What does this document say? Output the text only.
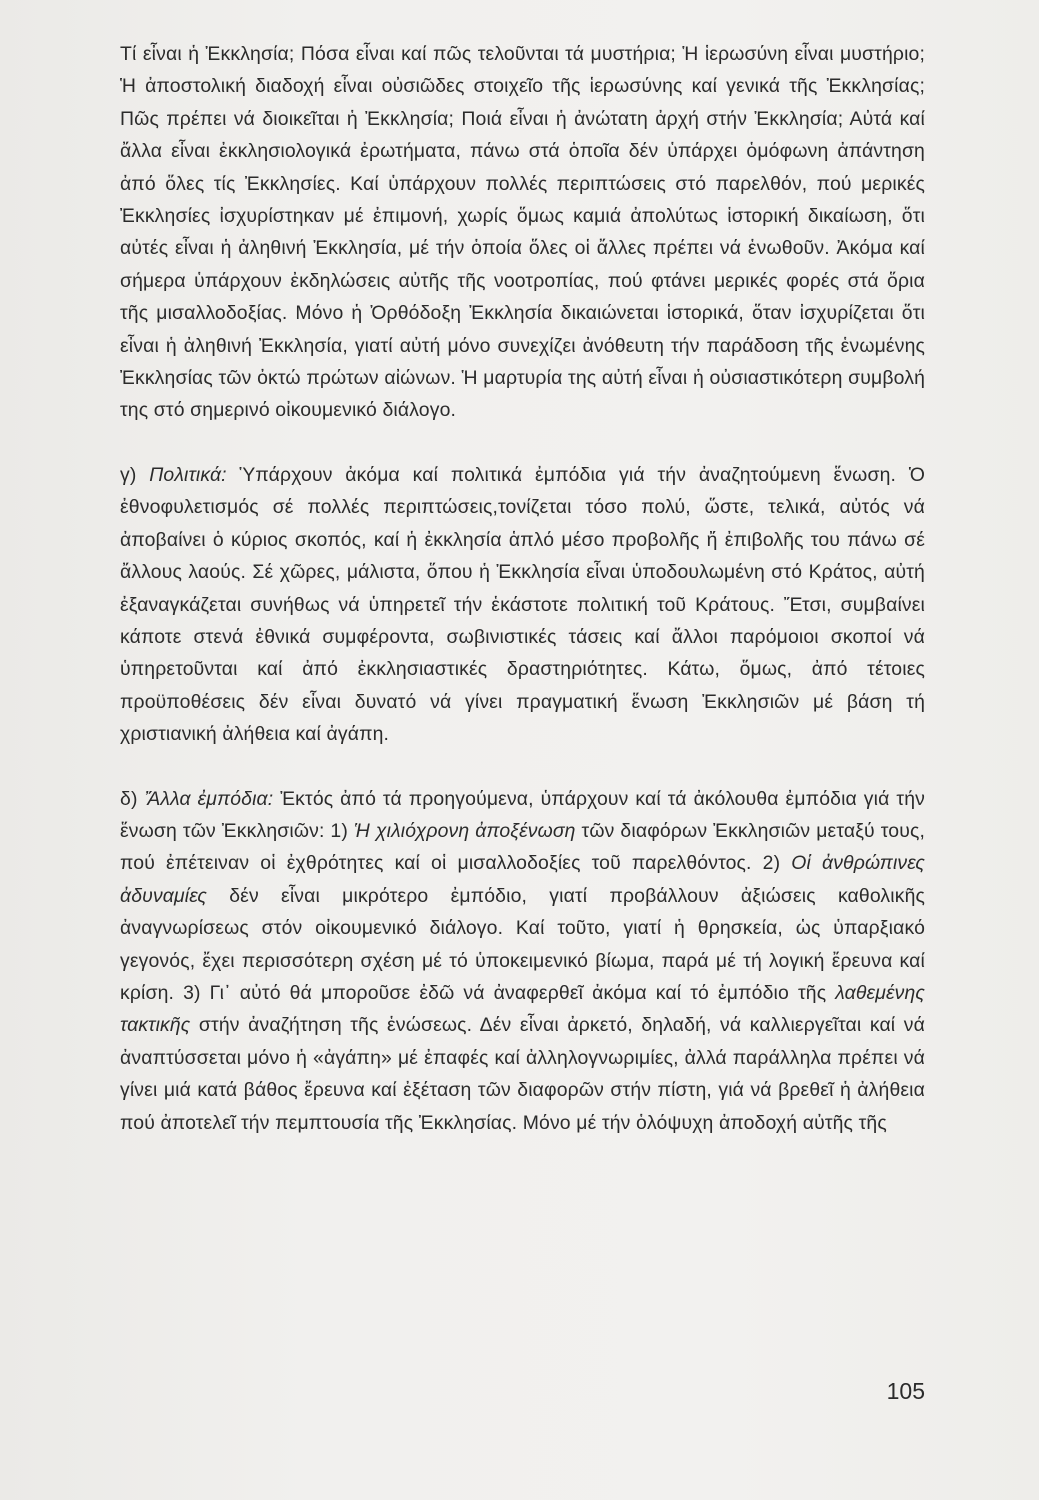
Τί εἶναι ἡ Ἐκκλησία; Πόσα εἶναι καί πῶς τελοῦνται τά μυστήρια; Ἡ ἱερωσύνη εἶναι μυστήριο; Ἡ ἀποστολική διαδοχή εἶναι οὐσιῶδες στοιχεῖο τῆς ἱερωσύνης καί γενικά τῆς Ἐκκλησίας; Πῶς πρέπει νά διοικεῖται ἡ Ἐκκλησία; Ποιά εἶναι ἡ ἀνώτατη ἀρχή στήν Ἐκκλησία; Αὐτά καί ἄλλα εἶναι ἐκκλησιολογικά ἐρωτήματα, πάνω στά ὁποῖα δέν ὑπάρχει ὁμόφωνη ἀπάντηση ἀπό ὅλες τίς Ἐκκλησίες. Καί ὑπάρχουν πολλές περιπτώσεις στό παρελθόν, πού μερικές Ἐκκλησίες ἰσχυρίστηκαν μέ ἐπιμονή, χωρίς ὅμως καμιά ἀπολύτως ἱστορική δικαίωση, ὅτι αὐτές εἶναι ἡ ἀληθινή Ἐκκλησία, μέ τήν ὁποία ὅλες οἱ ἄλλες πρέπει νά ἑνωθοῦν. Ἀκόμα καί σήμερα ὑπάρχουν ἐκδηλώσεις αὐτῆς τῆς νοοτροπίας, πού φτάνει μερικές φορές στά ὅρια τῆς μισαλλοδοξίας. Μόνο ἡ Ὀρθόδοξη Ἐκκλησία δικαιώνεται ἱστορικά, ὅταν ἰσχυρίζεται ὅτι εἶναι ἡ ἀληθινή Ἐκκλησία, γιατί αὐτή μόνο συνεχίζει ἀνόθευτη τήν παράδοση τῆς ἑνωμένης Ἐκκλησίας τῶν ὀκτώ πρώτων αἰώνων. Ἡ μαρτυρία της αὐτή εἶναι ἡ οὐσιαστικότερη συμβολή της στό σημερινό οἰκουμενικό διάλογο.

γ) Πολιτικά: Ὑπάρχουν ἀκόμα καί πολιτικά ἐμπόδια γιά τήν ἀναζητούμενη ἕνωση. Ὁ ἐθνοφυλετισμός σέ πολλές περιπτώσεις,τονίζεται τόσο πολύ, ὥστε, τελικά, αὐτός νά ἀποβαίνει ὁ κύριος σκοπός, καί ἡ ἐκκλησία ἁπλό μέσο προβολῆς ἤ ἐπιβολῆς του πάνω σέ ἄλλους λαούς. Σέ χῶρες, μάλιστα, ὅπου ἡ Ἐκκλησία εἶναι ὑποδουλωμένη στό Κράτος, αὐτή ἐξαναγκάζεται συνήθως νά ὑπηρετεῖ τήν ἑκάστοτε πολιτική τοῦ Κράτους. Ἔτσι, συμβαίνει κάποτε στενά ἐθνικά συμφέροντα, σωβινιστικές τάσεις καί ἄλλοι παρόμοιοι σκοποί νά ὑπηρετοῦνται καί ἀπό ἐκκλησιαστικές δραστηριότητες. Κάτω, ὅμως, ἀπό τέτοιες προϋποθέσεις δέν εἶναι δυνατό νά γίνει πραγματική ἕνωση Ἐκκλησιῶν μέ βάση τή χριστιανική ἀλήθεια καί ἀγάπη.

δ) Ἄλλα ἐμπόδια: Ἐκτός ἀπό τά προηγούμενα, ὑπάρχουν καί τά ἀκόλουθα ἐμπόδια γιά τήν ἕνωση τῶν Ἐκκλησιῶν: 1) Ἡ χιλιόχρονη ἀποξένωση τῶν διαφόρων Ἐκκλησιῶν μεταξύ τους, πού ἐπέτειναν οἱ ἐχθρότητες καί οἱ μισαλλοδοξίες τοῦ παρελθόντος. 2) Οἱ ἀνθρώπινες ἀδυναμίες δέν εἶναι μικρότερο ἐμπόδιο, γιατί προβάλλουν ἀξιώσεις καθολικῆς ἀναγνωρίσεως στόν οἰκουμενικό διάλογο. Καί τοῦτο, γιατί ἡ θρησκεία, ὡς ὑπαρξιακό γεγονός, ἔχει περισσότερη σχέση μέ τό ὑποκειμενικό βίωμα, παρά μέ τή λογική ἔρευνα καί κρίση. 3) Γι᾿ αὐτό θά μποροῦσε ἐδῶ νά ἀναφερθεῖ ἀκόμα καί τό ἐμπόδιο τῆς λαθεμένης τακτικῆς στήν ἀναζήτηση τῆς ἑνώσεως. Δέν εἶναι ἀρκετό, δηλαδή, νά καλλιεργεῖται καί νά ἀναπτύσσεται μόνο ἡ «ἀγάπη» μέ ἐπαφές καί ἀλληλογνωριμίες, ἀλλά παράλληλα πρέπει νά γίνει μιά κατά βάθος ἔρευνα καί ἐξέταση τῶν διαφορῶν στήν πίστη, γιά νά βρεθεῖ ἡ ἀλήθεια πού ἀποτελεῖ τήν πεμπτουσία τῆς Ἐκκλησίας. Μόνο μέ τήν ὁλόψυχη ἀποδοχή αὐτῆς τῆς

105
